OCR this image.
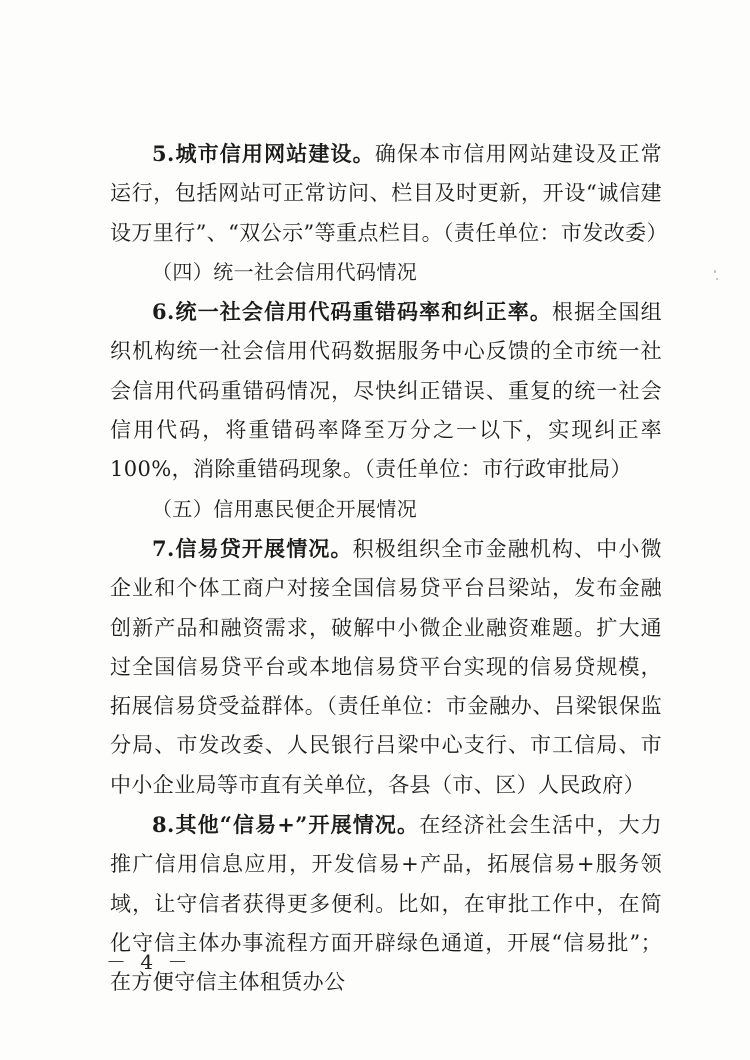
5.城市信用网站建设。确保本市信用网站建设及正常运行，包括网站可正常访问、栏目及时更新，开设“诚信建设万里行”、“双公示”等重点栏目。（责任单位：市发改委）

（四）统一社会信用代码情况

6.统一社会信用代码重错码率和纠正率。根据全国组织机构统一社会信用代码数据服务中心反馈的全市统一社会信用代码重错码情况，尽快纠正错误、重复的统一社会信用代码，将重错码率降至万分之一以下，实现纠正率 100%，消除重错码现象。（责任单位：市行政审批局）

（五）信用惠民便企开展情况

7.信易贷开展情况。积极组织全市金融机构、中小微企业和个体工商户对接全国信易贷平台吕梁站，发布金融创新产品和融资需求，破解中小微企业融资难题。扩大通过全国信易贷平台或本地信易贷平台实现的信易贷规模，拓展信易贷受益群体。（责任单位：市金融办、吕梁银保监分局、市发改委、人民银行吕梁中心支行、市工信局、市中小企业局等市直有关单位，各县（市、区）人民政府）

8.其他“信易+”开展情况。在经济社会生活中，大力推广信用信息应用，开发信易+产品，拓展信易+服务领域，让守信者获得更多便利。比如，在审批工作中，在简化守信主体办事流程方面开辟绿色通道，开展“信易批”；在方便守信主体租赁办公

－ 4 －
